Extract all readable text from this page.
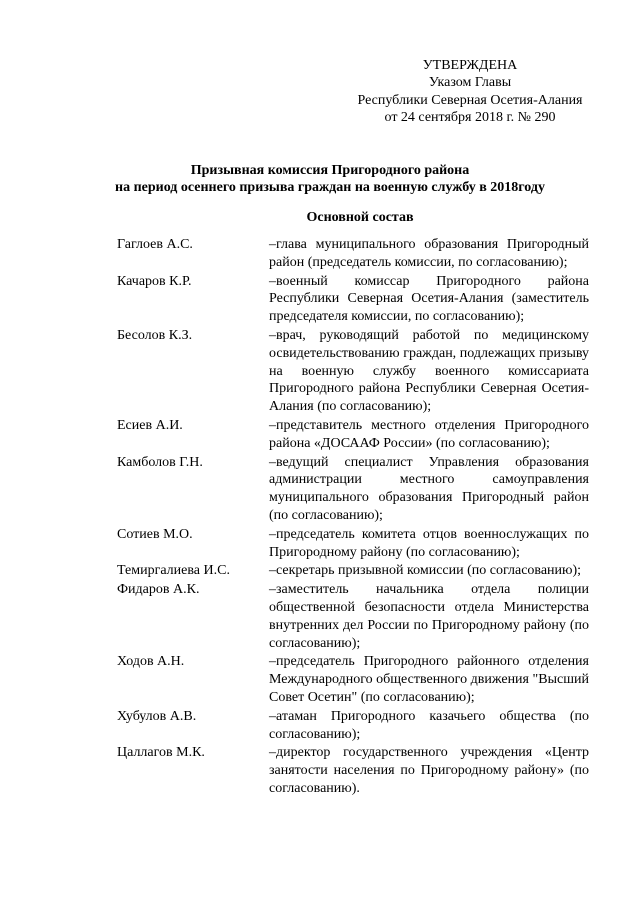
УТВЕРЖДЕНА
Указом Главы
Республики Северная Осетия-Алания
от 24 сентября 2018 г. № 290
Призывная комиссия Пригородного района
на период осеннего призыва граждан на военную службу в 2018году
Основной состав
Гаглоев А.С.	–глава муниципального образования Пригородный район (председатель комиссии, по согласованию);
Качаров К.Р.	–военный комиссар Пригородного района Республики Северная Осетия-Алания (заместитель председателя комиссии, по согласованию);
Бесолов К.З.	–врач, руководящий работой по медицинскому освидетельствованию граждан, подлежащих призыву на военную службу военного комиссариата Пригородного района Республики Северная Осетия-Алания (по согласованию);
Есиев А.И.	–представитель местного отделения Пригородного района «ДОСААФ России» (по согласованию);
Камболов Г.Н.	–ведущий специалист Управления образования администрации местного самоуправления муниципального образования Пригородный район (по согласованию);
Сотиев М.О.	–председатель комитета отцов военнослужащих по Пригородному району (по согласованию);
Темиргалиева И.С.	–секретарь призывной комиссии (по согласованию);
Фидаров А.К.	–заместитель начальника отдела полиции общественной безопасности отдела Министерства внутренних дел России по Пригородному району (по согласованию);
Ходов А.Н.	–председатель Пригородного районного отделения Международного общественного движения "Высший Совет Осетин" (по согласованию);
Хубулов А.В.	–атаман Пригородного казачьего общества (по согласованию);
Цаллагов М.К.	–директор государственного учреждения «Центр занятости населения по Пригородному району» (по согласованию).
